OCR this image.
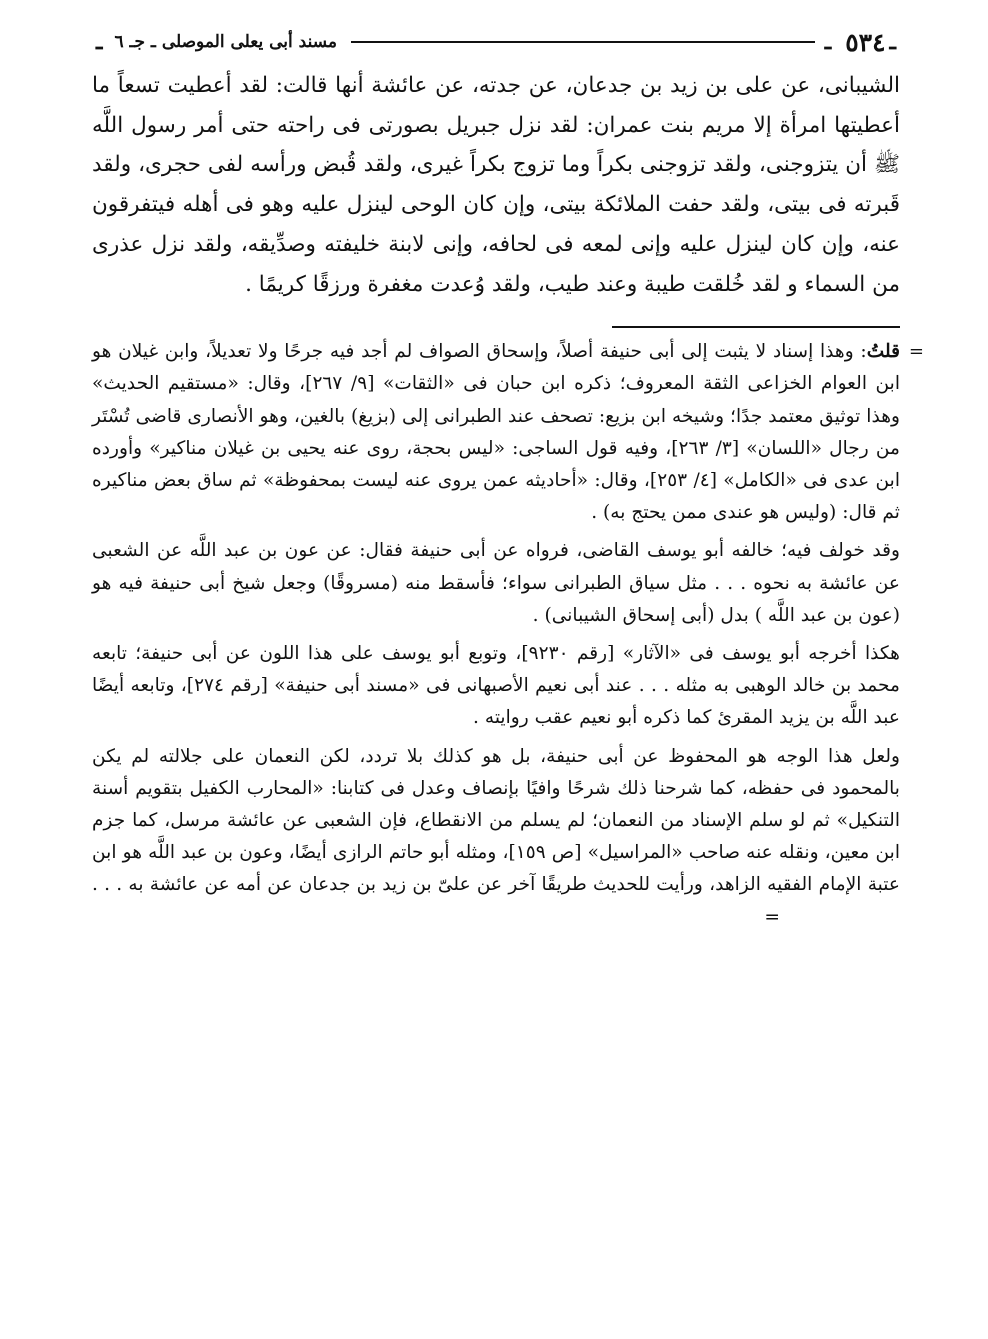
ـ
٥٣٤
ـ
مسند أبى يعلى الموصلى ـ جـ ٦
ـ
الشيبانى، عن على بن زيد بن جدعان، عن جدته، عن عائشة أنها قالت: لقد أعطيت تسعاً ما أعطيتها امرأة إلا مريم بنت عمران: لقد نزل جبريل بصورتى فى راحته حتى أمر رسول اللَّه ﷺ أن يتزوجنى، ولقد تزوجنى بكراً وما تزوج بكراً غيرى، ولقد قُبض ورأسه لفى حجرى، ولقد قَبرته فى بيتى، ولقد حفت الملائكة بيتى، وإن كان الوحى لينزل عليه وهو فى أهله فيتفرقون عنه، وإن كان لينزل عليه وإنى لمعه فى لحافه، وإنى لابنة خليفته وصدِّيقه، ولقد نزل عذرى من السماء و لقد خُلقت طيبة وعند طيب، ولقد وُعدت مغفرة ورزقًا كريمًا .

=
قلتُ: وهذا إسناد لا يثبت إلى أبى حنيفة أصلاً، وإسحاق الصواف لم أجد فيه جرحًا ولا تعديلاً، وابن غيلان هو ابن العوام الخزاعى الثقة المعروف؛ ذكره ابن حبان فى «الثقات» [٩/ ٢٦٧]، وقال: «مستقيم الحديث» وهذا توثيق معتمد جدًا؛ وشيخه ابن بزيع: تصحف عند الطبرانى إلى (بزيغ) بالغين، وهو الأنصارى قاضى تُسْتَر من رجال «اللسان» [٣/ ٢٦٣]، وفيه قول الساجى: «ليس بحجة، روى عنه يحيى بن غيلان مناكير» وأورده ابن عدى فى «الكامل» [٤/ ٢٥٣]، وقال: «أحاديثه عمن يروى عنه ليست بمحفوظة» ثم ساق بعض مناكيره ثم قال: (وليس هو عندى ممن يحتج به) .

وقد خولف فيه؛ خالفه أبو يوسف القاضى، فرواه عن أبى حنيفة فقال: عن عون بن عبد اللَّه عن الشعبى عن عائشة به نحوه . . . مثل سياق الطبرانى سواء؛ فأسقط منه (مسروقًا) وجعل شيخ أبى حنيفة فيه هو (عون بن عبد اللَّه ) بدل (أبى إسحاق الشيبانى) .

هكذا أخرجه أبو يوسف فى «الآثار» [رقم ٩٢٣٠]، وتوبع أبو يوسف على هذا اللون عن أبى حنيفة؛ تابعه محمد بن خالد الوهبى به مثله . . . عند أبى نعيم الأصبهانى فى «مسند أبى حنيفة» [رقم ٢٧٤]، وتابعه أيضًا عبد اللَّه بن يزيد المقرئ كما ذكره أبو نعيم عقب روايته .

ولعل هذا الوجه هو المحفوظ عن أبى حنيفة، بل هو كذلك بلا تردد، لكن النعمان على جلالته لم يكن بالمحمود فى حفظه، كما شرحنا ذلك شرحًا وافيًا بإنصاف وعدل فى كتابنا: «المحارب الكفيل بتقويم أسنة التنكيل» ثم لو سلم الإسناد من النعمان؛ لم يسلم من الانقطاع، فإن الشعبى عن عائشة مرسل، كما جزم ابن معين، ونقله عنه صاحب «المراسيل» [ص ١٥٩]، ومثله أبو حاتم الرازى أيضًا، وعون بن عبد اللَّه هو ابن عتبة الإمام الفقيه الزاهد، ورأيت للحديث طريقًا آخر عن علىّ بن زيد بن جدعان عن أمه عن عائشة به . . . =
